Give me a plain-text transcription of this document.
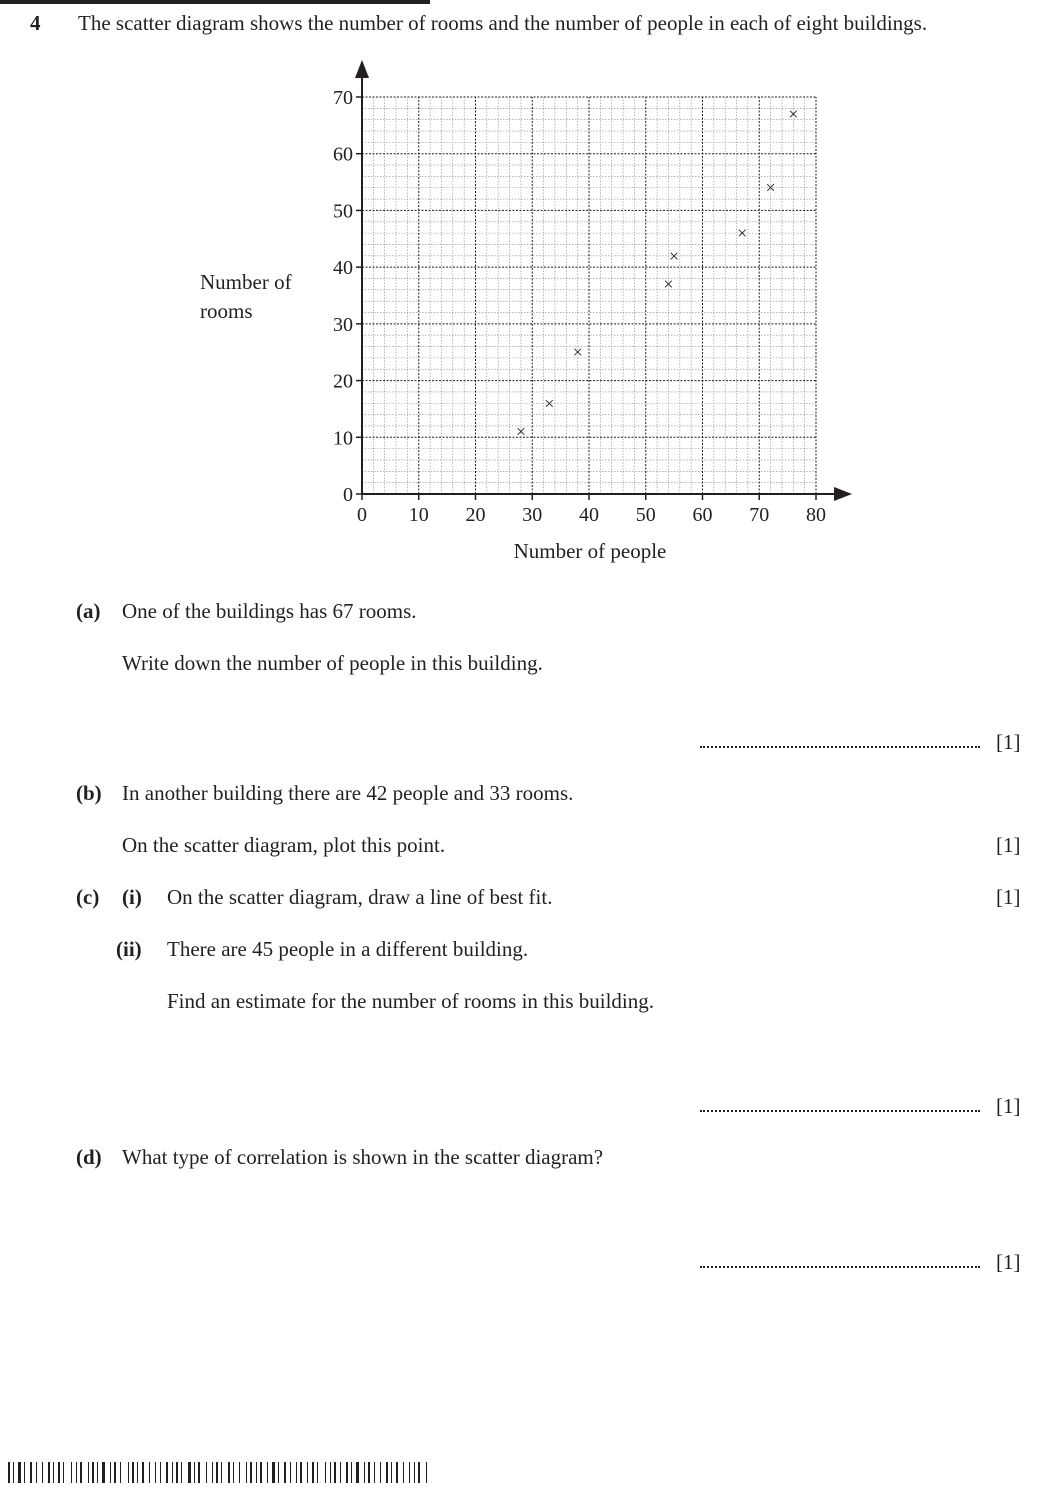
4 The scatter diagram shows the number of rooms and the number of people in each of eight buildings.
Number of
rooms
0 10 20 30 40 50 60 70 80
0
10
20
30
40
50
60
70
×
×
×
×
×
×
×
×
Number of people
(a) One of the buildings has 67 rooms.
Write down the number of people in this building.
[1]
(b) In another building there are 42 people and 33 rooms.
On the scatter diagram, plot this point.	[1]
(c) (i) On the scatter diagram, draw a line of best fit.	[1]
(ii) There are 45 people in a different building.
Find an estimate for the number of rooms in this building.
[1]
(d) What type of correlation is shown in the scatter diagram?
[1]
